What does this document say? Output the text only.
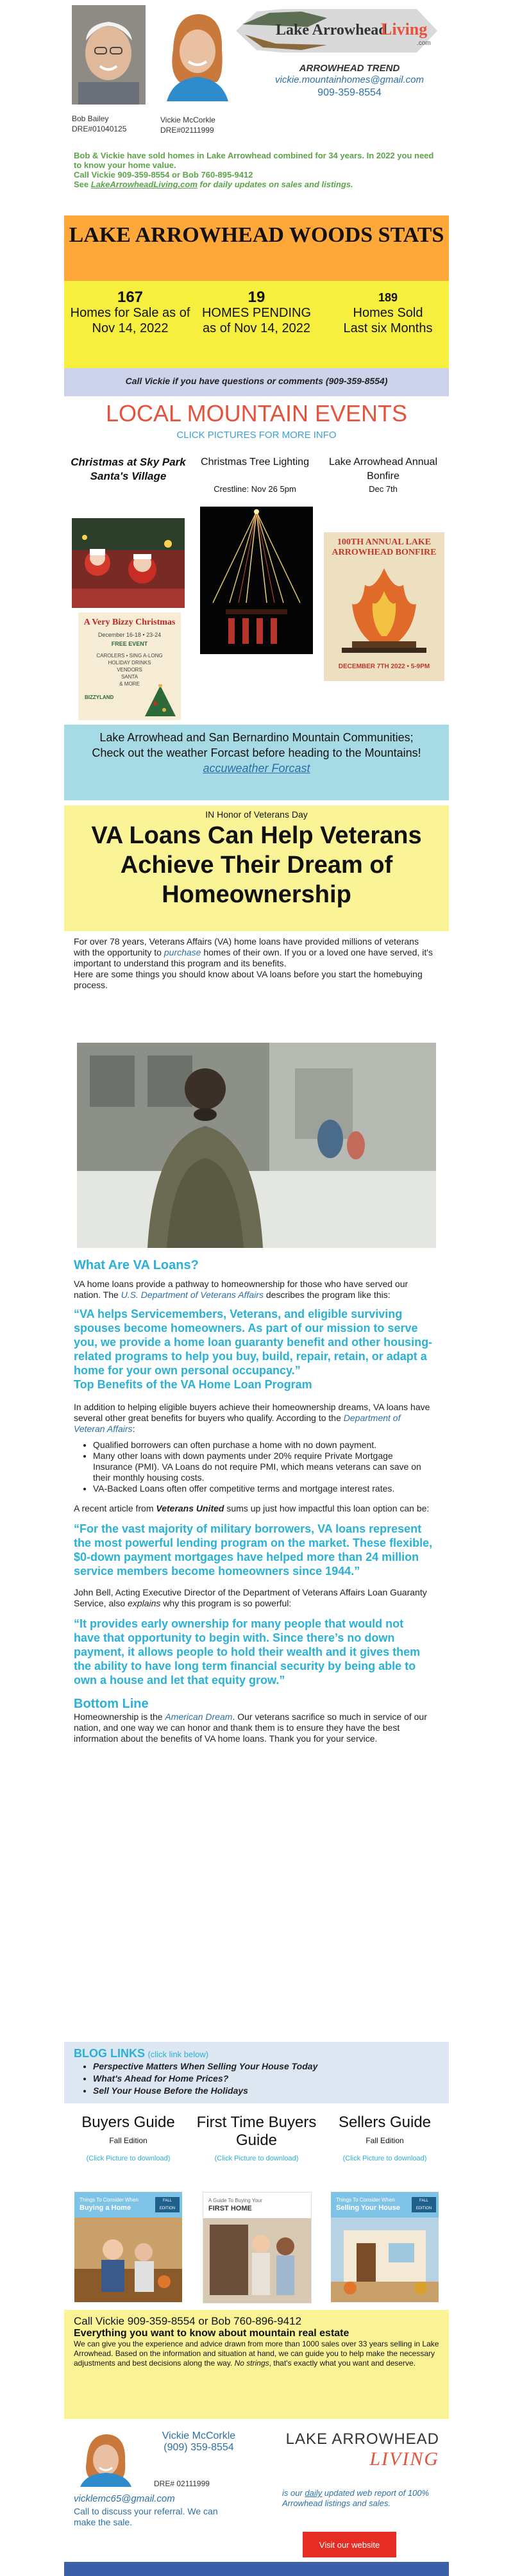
Bob Bailey
DRE#01040125
Vickie McCorkle
DRE#02111999
Lake Arrowhead
Living
.com
ARROWHEAD TREND
vickie.mountainhomes@gmail.com
909-359-8554
Bob & Vickie have sold homes in Lake Arrowhead combined for 34 years. In 2022 you need to know your home value.
Call Vickie 909-359-8554 or Bob 760-895-9412
See LakeArrowheadLiving.com for daily updates on sales and listings.
LAKE ARROWHEAD WOODS STATS
167
Homes for Sale as of Nov 14, 2022
19
HOMES PENDING as of Nov 14, 2022
189
Homes Sold Last six Months
Call Vickie if you have questions or comments (909-359-8554)
LOCAL MOUNTAIN EVENTS
CLICK PICTURES FOR MORE INFO
Christmas at Sky Park Santa's Village
Christmas Tree Lighting
Crestline: Nov 26 5pm
Lake Arrowhead Annual Bonfire
Dec 7th
A Very Bizzy Christmas
December 16-18 • 23-24
FREE EVENT
CAROLERS • SING A-LONG
HOLIDAY DRINKS
VENDORS
SANTA
& MORE
BIZZYLAND
100TH ANNUAL LAKE ARROWHEAD BONFIRE
DECEMBER 7TH 2022 • 5-9PM
Lake Arrowhead and San Bernardino Mountain Communities; Check out the weather Forcast before heading to the Mountains!
accuweather Forcast
IN Honor of Veterans Day
VA Loans Can Help Veterans Achieve Their Dream of Homeownership
For over 78 years, Veterans Affairs (VA) home loans have provided millions of veterans with the opportunity to purchase homes of their own. If you or a loved one have served, it's important to understand this program and its benefits.
Here are some things you should know about VA loans before you start the homebuying process.
What Are VA Loans?
VA home loans provide a pathway to homeownership for those who have served our nation. The U.S. Department of Veterans Affairs describes the program like this:
“VA helps Servicemembers, Veterans, and eligible surviving spouses become homeowners. As part of our mission to serve you, we provide a home loan guaranty benefit and other housing-related programs to help you buy, build, repair, retain, or adapt a home for your own personal occupancy.”
Top Benefits of the VA Home Loan Program
In addition to helping eligible buyers achieve their homeownership dreams, VA loans have several other great benefits for buyers who qualify. According to the Department of Veteran Affairs:
• Qualified borrowers can often purchase a home with no down payment.
• Many other loans with down payments under 20% require Private Mortgage Insurance (PMI). VA Loans do not require PMI, which means veterans can save on their monthly housing costs.
• VA-Backed Loans often offer competitive terms and mortgage interest rates.
A recent article from Veterans United sums up just how impactful this loan option can be:
“For the vast majority of military borrowers, VA loans represent the most powerful lending program on the market. These flexible, $0-down payment mortgages have helped more than 24 million service members become homeowners since 1944.”
John Bell, Acting Executive Director of the Department of Veterans Affairs Loan Guaranty Service, also explains why this program is so powerful:
“It provides early ownership for many people that would not have that opportunity to begin with. Since there’s no down payment, it allows people to hold their wealth and it gives them the ability to have long term financial security by being able to own a house and let that equity grow.”
Bottom Line
Homeownership is the American Dream. Our veterans sacrifice so much in service of our nation, and one way we can honor and thank them is to ensure they have the best information about the benefits of VA home loans. Thank you for your service.
BLOG LINKS (click link below)
• Perspective Matters When Selling Your House Today
• What's Ahead for Home Prices?
• Sell Your House Before the Holidays
Buyers Guide
Fall Edition
(Click Picture to download)
First Time Buyers Guide
(Click Picture to download)
Sellers Guide
Fall Edition
(Click Picture to download)
Things To Consider When
Buying a Home
FALL EDITION
A Guide To Buying Your
FIRST HOME
Things To Consider When
Selling Your House
FALL EDITION
Call Vickie 909-359-8554 or Bob 760-896-9412
Everything you want to know about mountain real estate
We can give you the experience and advice drawn from more than 1000 sales over 33 years selling in Lake Arrowhead. Based on the information and situation at hand, we can guide you to help make the necessary adjustments and best decisions along the way. No strings, that's exactly what you want and deserve.
Vickie McCorkle
(909) 359-8554
DRE# 02111999
vicklemc65@gmail.com
Call to discuss your referral. We can make the sale.
LAKE ARROWHEAD
LIVING
is our daily updated web report of 100% Arrowhead listings and sales.
Visit our website
